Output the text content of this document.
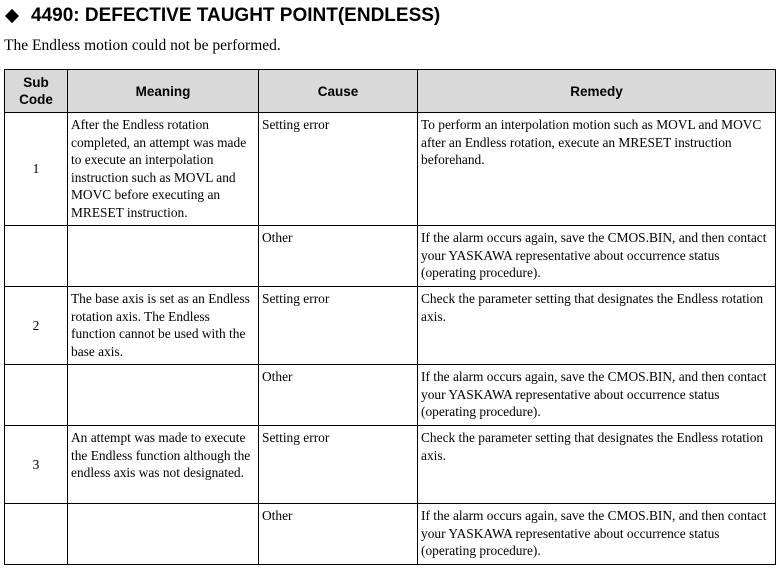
4490: DEFECTIVE TAUGHT POINT(ENDLESS)
The Endless motion could not be performed.
Sub
Code	Meaning	Cause	Remedy
1	After the Endless rotation completed, an attempt was made to execute an interpolation instruction such as MOVL and MOVC before executing an MRESET instruction.	Setting error	To perform an interpolation motion such as MOVL and MOVC after an Endless rotation, execute an MRESET instruction beforehand.
		Other	If the alarm occurs again, save the CMOS.BIN, and then contact your YASKAWA representative about occurrence status (operating procedure).
2	The base axis is set as an Endless rotation axis. The Endless function cannot be used with the base axis.	Setting error	Check the parameter setting that designates the Endless rotation axis.
		Other	If the alarm occurs again, save the CMOS.BIN, and then contact your YASKAWA representative about occurrence status (operating procedure).
3	An attempt was made to execute the Endless function although the endless axis was not designated.	Setting error	Check the parameter setting that designates the Endless rotation axis.
		Other	If the alarm occurs again, save the CMOS.BIN, and then contact your YASKAWA representative about occurrence status (operating procedure).
